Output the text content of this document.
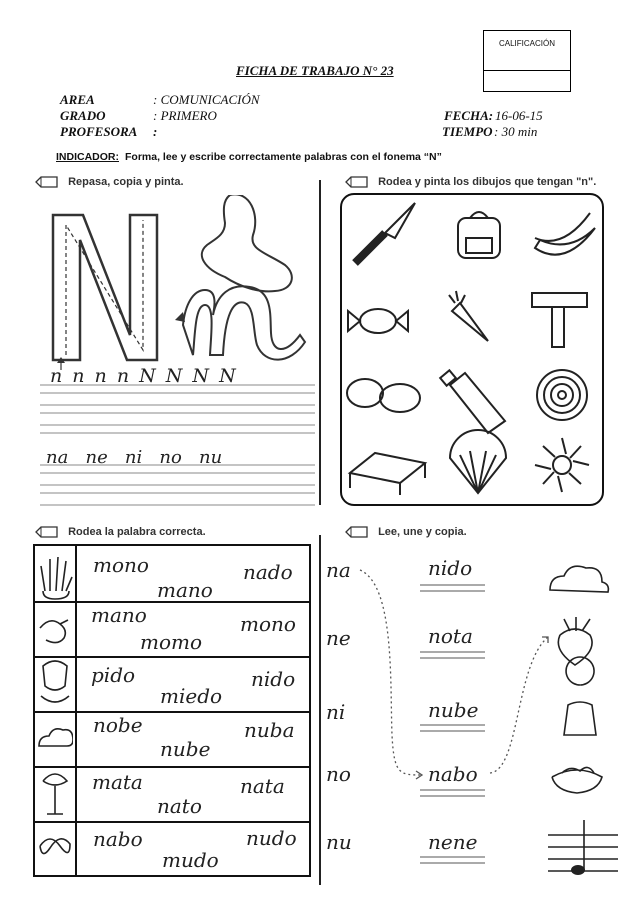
CALIFICACIÓN
FICHA DE TRABAJO N° 23
AREA	: COMUNICACIÓN
GRADO	: PRIMERO
PROFESORA :
FECHA: 16-06-15
TIEMPO : 30 min
INDICADOR: Forma, lee y escribe correctamente palabras con el fonema “N”
Repasa, copia y pinta.
n n n n N N N N
na   ne   ni   no   nu
Rodea y pinta los dibujos que tengan "n".
Rodea la palabra correcta.
mono
mano
nado
mano
momo
mono
pido
miedo
nido
nobe
nube
nuba
mata
nato
nata
nabo
mudo
nudo
Lee, une y copia.
na
ne
ni
no
nu
nido
nota
nube
nabo
nene
